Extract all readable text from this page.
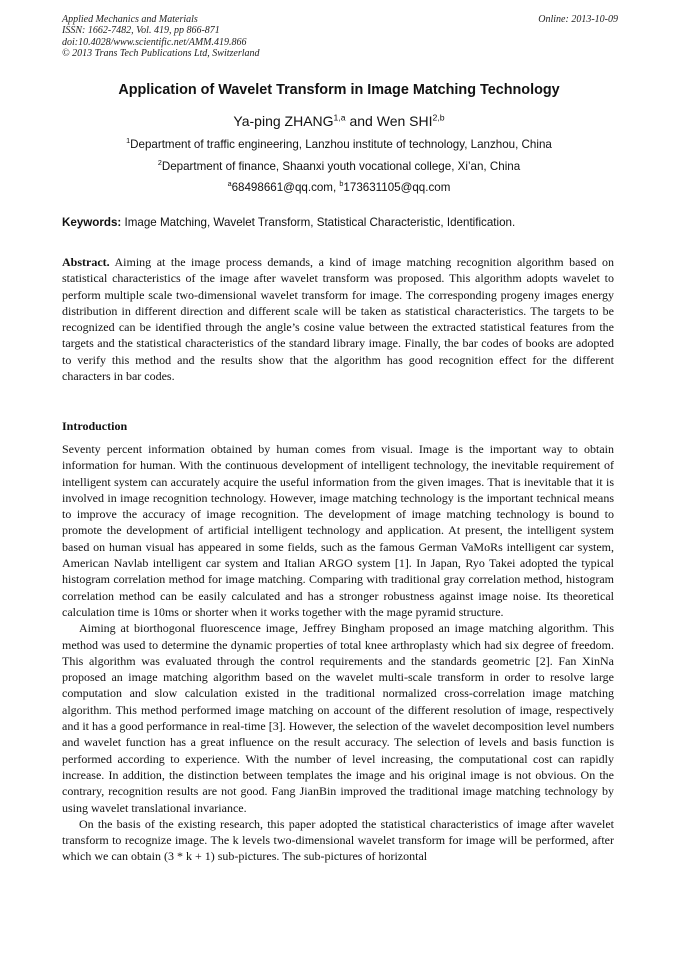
Applied Mechanics and Materials
ISSN: 1662-7482, Vol. 419, pp 866-871
doi:10.4028/www.scientific.net/AMM.419.866
© 2013 Trans Tech Publications Ltd, Switzerland
Online: 2013-10-09
Application of Wavelet Transform in Image Matching Technology
Ya-ping ZHANG$^{1,a}$ and Wen SHI$^{2,b}$
$^1$Department of traffic engineering, Lanzhou institute of technology, Lanzhou, China
$^2$Department of finance, Shaanxi youth vocational college, Xi’an, China
$^a$68498661@qq.com, $^b$173631105@qq.com
Keywords: Image Matching, Wavelet Transform, Statistical Characteristic, Identification.

Abstract. Aiming at the image process demands, a kind of image matching recognition algorithm based on statistical characteristics of the image after wavelet transform was proposed. This algorithm adopts wavelet to perform multiple scale two-dimensional wavelet transform for image. The corresponding progeny images energy distribution in different direction and different scale will be taken as statistical characteristics. The targets to be recognized can be identified through the angle’s cosine value between the extracted statistical features from the targets and the statistical characteristics of the standard library image. Finally, the bar codes of books are adopted to verify this method and the results show that the algorithm has good recognition effect for the different characters in bar codes.

Introduction

Seventy percent information obtained by human comes from visual. Image is the important way to obtain information for human. With the continuous development of intelligent technology, the inevitable requirement of intelligent system can accurately acquire the useful information from the given images. That is inevitable that it is involved in image recognition technology. However, image matching technology is the important technical means to improve the accuracy of image recognition. The development of image matching technology is bound to promote the development of artificial intelligent technology and application. At present, the intelligent system based on human visual has appeared in some fields, such as the famous German VaMoRs intelligent car system, American Navlab intelligent car system and Italian ARGO system [1]. In Japan, Ryo Takei adopted the typical histogram correlation method for image matching. Comparing with traditional gray correlation method, histogram correlation method can be easily calculated and has a stronger robustness against image noise. Its theoretical calculation time is 10ms or shorter when it works together with the mage pyramid structure.

Aiming at biorthogonal fluorescence image, Jeffrey Bingham proposed an image matching algorithm. This method was used to determine the dynamic properties of total knee arthroplasty which had six degree of freedom. This algorithm was evaluated through the control requirements and the standards geometric [2]. Fan XinNa proposed an image matching algorithm based on the wavelet multi-scale transform in order to resolve large computation and slow calculation existed in the traditional normalized cross-correlation image matching algorithm. This method performed image matching on account of the different resolution of image, respectively and it has a good performance in real-time [3]. However, the selection of the wavelet decomposition level numbers and wavelet function has a great influence on the result accuracy. The selection of levels and basis function is performed according to experience. With the number of level increasing, the computational cost can rapidly increase. In addition, the distinction between templates the image and his original image is not obvious. On the contrary, recognition results are not good. Fang JianBin improved the traditional image matching technology by using wavelet translational invariance.

On the basis of the existing research, this paper adopted the statistical characteristics of image after wavelet transform to recognize image. The k levels two-dimensional wavelet transform for image will be performed, after which we can obtain (3 * k + 1) sub-pictures. The sub-pictures of horizontal
